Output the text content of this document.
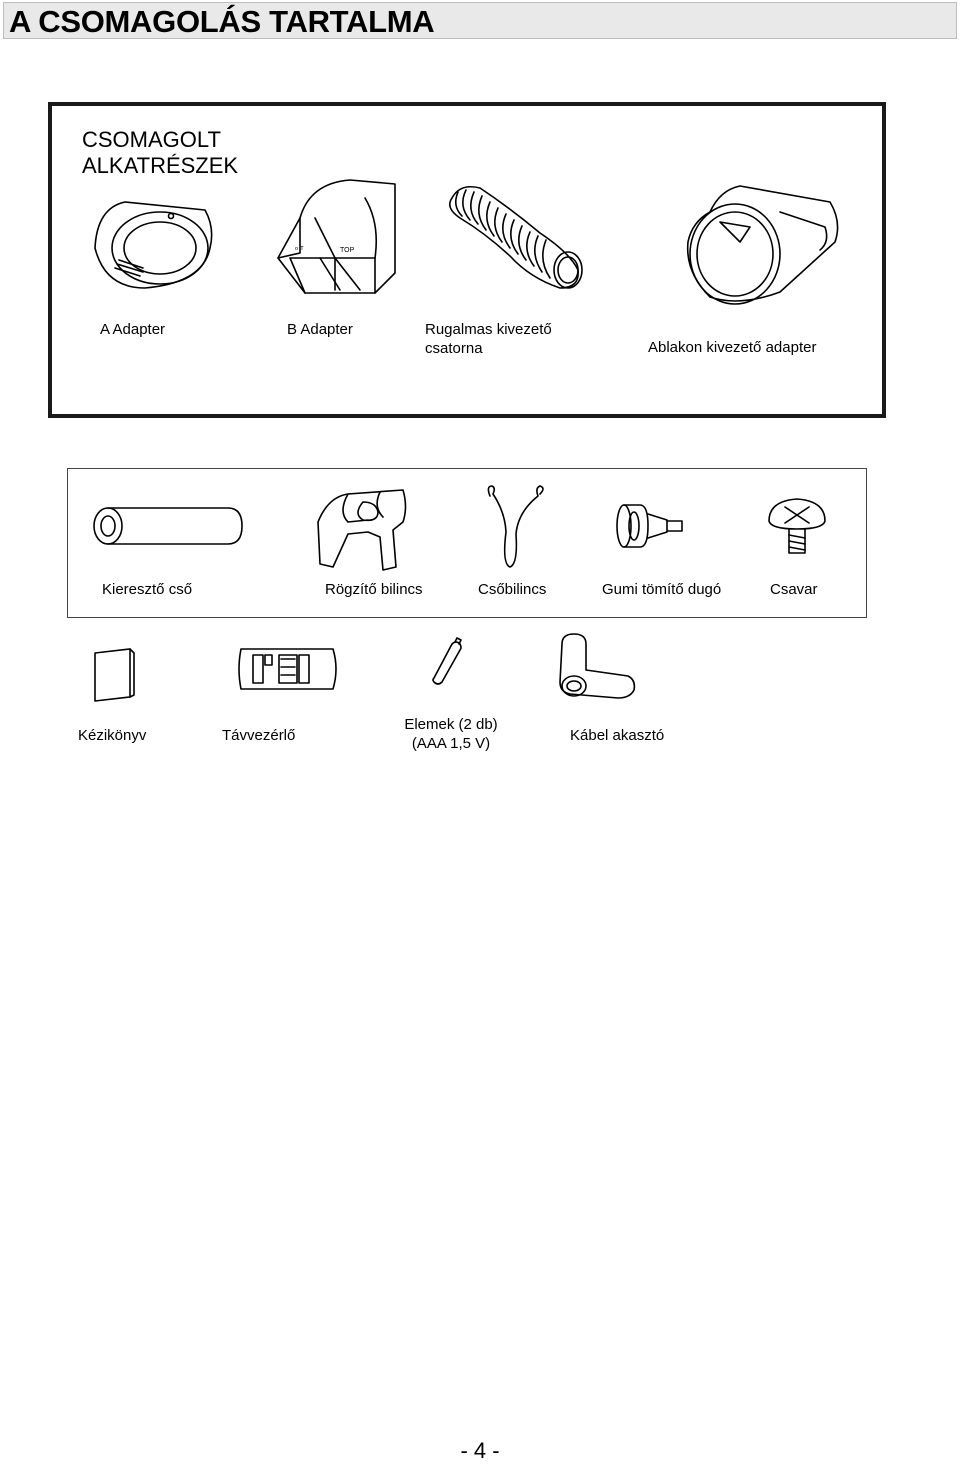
A CSOMAGOLÁS TARTALMA
CSOMAGOLT
ALKATRÉSZEK
ᵒ ᵀ	TOP
A Adapter	B Adapter	Rugalmas kivezető
csatorna	Ablakon kivezető adapter
Kieresztő cső	Rögzítő bilincs	Csőbilincs	Gumi tömítő dugó	Csavar
Kézikönyv	Távvezérlő
Elemek (2 db)
(AAA 1,5 V)	Kábel akasztó
- 4 -
